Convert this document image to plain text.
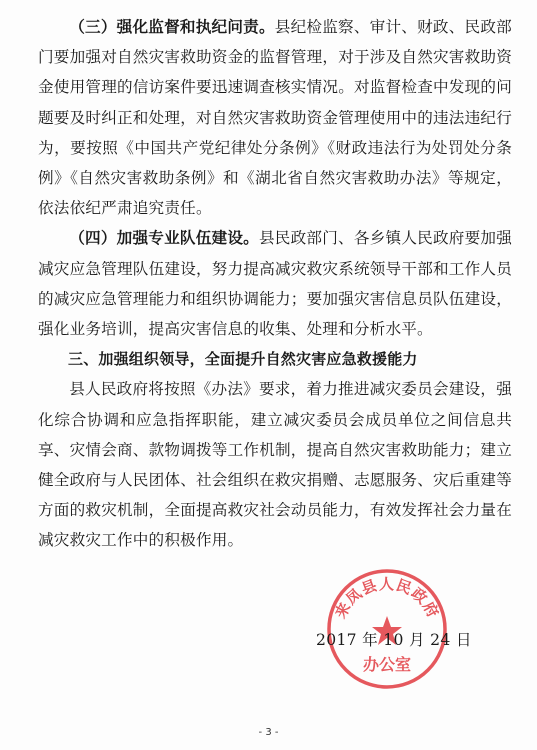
（三）强化监督和执纪问责。县纪检监察、审计、财政、民政部门要加强对自然灾害救助资金的监督管理，对于涉及自然灾害救助资金使用管理的信访案件要迅速调查核实情况。对监督检查中发现的问题要及时纠正和处理，对自然灾害救助资金管理使用中的违法违纪行为，要按照《中国共产党纪律处分条例》《财政违法行为处罚处分条例》《自然灾害救助条例》和《湖北省自然灾害救助办法》等规定，依法依纪严肃追究责任。

（四）加强专业队伍建设。县民政部门、各乡镇人民政府要加强减灾应急管理队伍建设，努力提高减灾救灾系统领导干部和工作人员的减灾应急管理能力和组织协调能力；要加强灾害信息员队伍建设，强化业务培训，提高灾害信息的收集、处理和分析水平。

三、加强组织领导，全面提升自然灾害应急救援能力

县人民政府将按照《办法》要求，着力推进减灾委员会建设，强化综合协调和应急指挥职能，建立减灾委员会成员单位之间信息共享、灾情会商、款物调拨等工作机制，提高自然灾害救助能力；建立健全政府与人民团体、社会组织在救灾捐赠、志愿服务、灾后重建等方面的救灾机制，全面提高救灾社会动员能力，有效发挥社会力量在减灾救灾工作中的积极作用。

来凤县人民政府
办公室
2017 年 10 月 24 日
- 3 -
